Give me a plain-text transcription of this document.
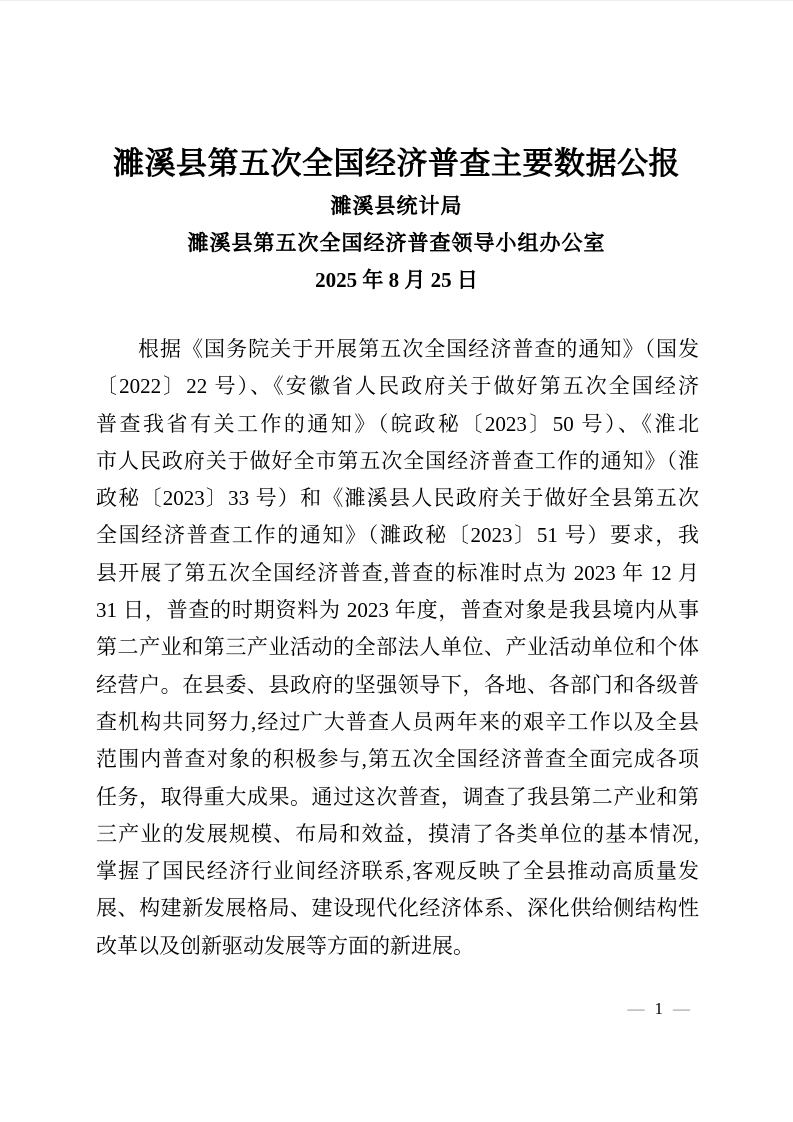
濉溪县第五次全国经济普查主要数据公报
濉溪县统计局
濉溪县第五次全国经济普查领导小组办公室
2025 年 8 月 25 日
根据《国务院关于开展第五次全国经济普查的通知》（国发
〔2022〕22 号）、《安徽省人民政府关于做好第五次全国经济
普查我省有关工作的通知》（皖政秘〔2023〕50 号）、《淮北
市人民政府关于做好全市第五次全国经济普查工作的通知》（淮
政秘〔2023〕33 号）和《濉溪县人民政府关于做好全县第五次
全国经济普查工作的通知》（濉政秘〔2023〕51 号）要求，我
县开展了第五次全国经济普查,普查的标准时点为 2023 年 12 月
31 日，普查的时期资料为 2023 年度，普查对象是我县境内从事
第二产业和第三产业活动的全部法人单位、产业活动单位和个体
经营户。在县委、县政府的坚强领导下，各地、各部门和各级普
查机构共同努力,经过广大普查人员两年来的艰辛工作以及全县
范围内普查对象的积极参与,第五次全国经济普查全面完成各项
任务，取得重大成果。通过这次普查，调查了我县第二产业和第
三产业的发展规模、布局和效益，摸清了各类单位的基本情况,
掌握了国民经济行业间经济联系,客观反映了全县推动高质量发
展、构建新发展格局、建设现代化经济体系、深化供给侧结构性
改革以及创新驱动发展等方面的新进展。
— 1 —
